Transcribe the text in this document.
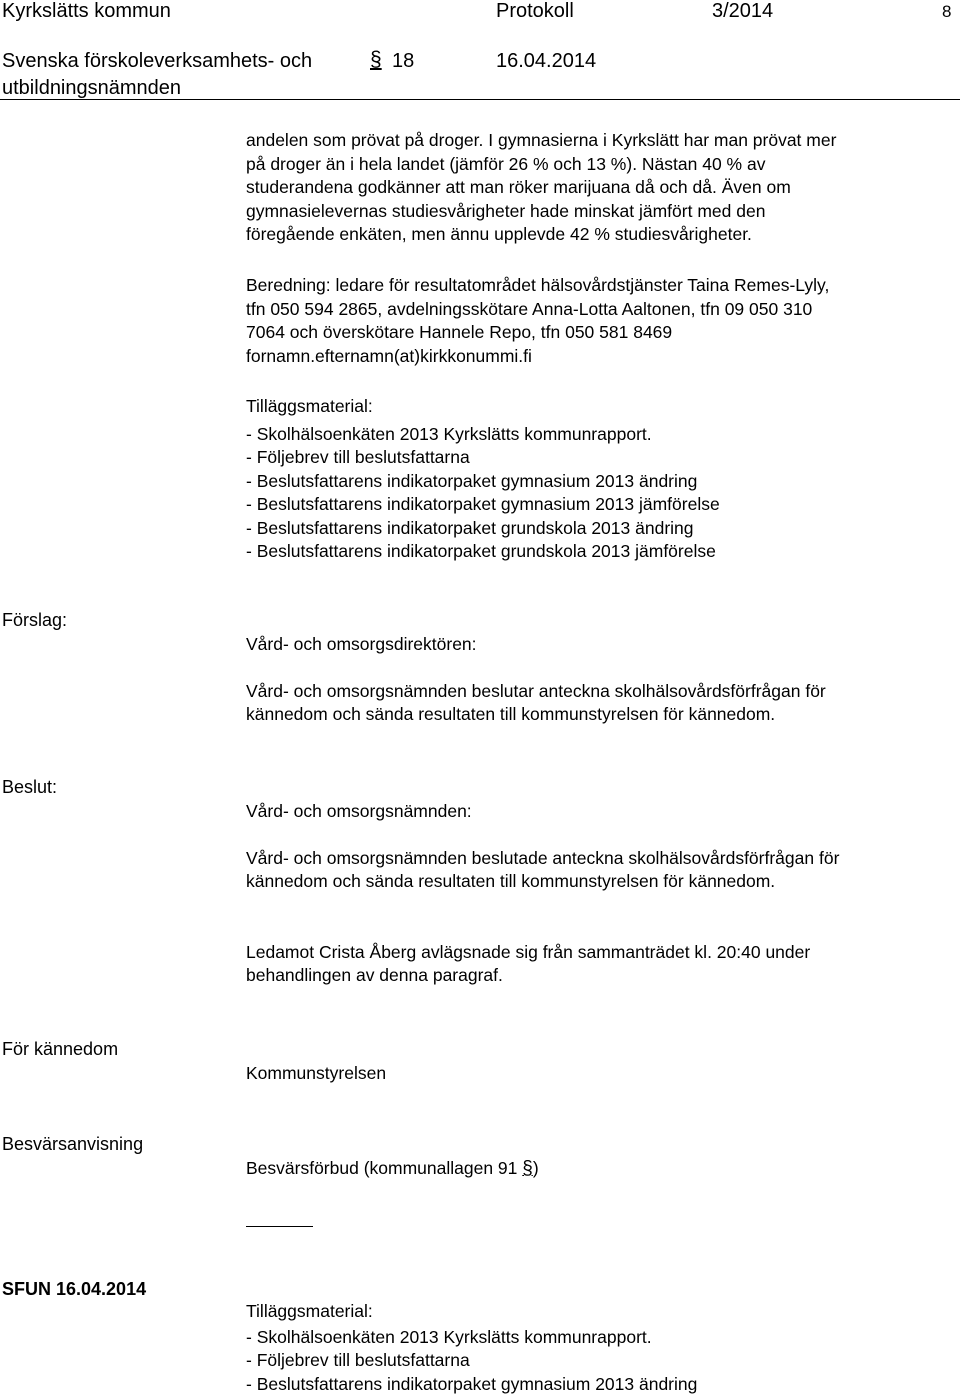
Kyrkslätts kommun	Protokoll	3/2014	8
Svenska förskoleverksamhets- och
utbildningsnämnden
§ 18	16.04.2014
andelen som prövat på droger. I gymnasierna i Kyrkslätt har man prövat mer
på droger än i hela landet (jämför 26 % och 13 %). Nästan 40 % av
studerandena godkänner att man röker marijuana då och då. Även om
gymnasielevernas studiesvårigheter hade minskat jämfört med den
föregående enkäten, men ännu upplevde 42 % studiesvårigheter.
Beredning: ledare för resultatområdet hälsovårdstjänster Taina Remes-Lyly,
tfn 050 594 2865, avdelningsskötare Anna-Lotta Aaltonen, tfn 09 050 310
7064 och överskötare Hannele Repo, tfn 050 581 8469
fornamn.efternamn(at)kirkkonummi.fi
Tilläggsmaterial:
- Skolhälsoenkäten 2013 Kyrkslätts kommunrapport.
- Följebrev till beslutsfattarna
- Beslutsfattarens indikatorpaket gymnasium 2013 ändring
- Beslutsfattarens indikatorpaket gymnasium 2013 jämförelse
- Beslutsfattarens indikatorpaket grundskola 2013 ändring
- Beslutsfattarens indikatorpaket grundskola 2013 jämförelse
Förslag:
Vård- och omsorgsdirektören:
Vård- och omsorgsnämnden beslutar anteckna skolhälsovårdsförfrågan för
kännedom och sända resultaten till kommunstyrelsen för kännedom.
Beslut:
Vård- och omsorgsnämnden:
Vård- och omsorgsnämnden beslutade anteckna skolhälsovårdsförfrågan för
kännedom och sända resultaten till kommunstyrelsen för kännedom.
Ledamot Crista Åberg avlägsnade sig från sammanträdet kl. 20:40 under
behandlingen av denna paragraf.
För kännedom
Kommunstyrelsen
Besvärsanvisning
Besvärsförbud (kommunallagen 91 §)
SFUN 16.04.2014
Tilläggsmaterial:
- Skolhälsoenkäten 2013 Kyrkslätts kommunrapport.
- Följebrev till beslutsfattarna
- Beslutsfattarens indikatorpaket gymnasium 2013 ändring
